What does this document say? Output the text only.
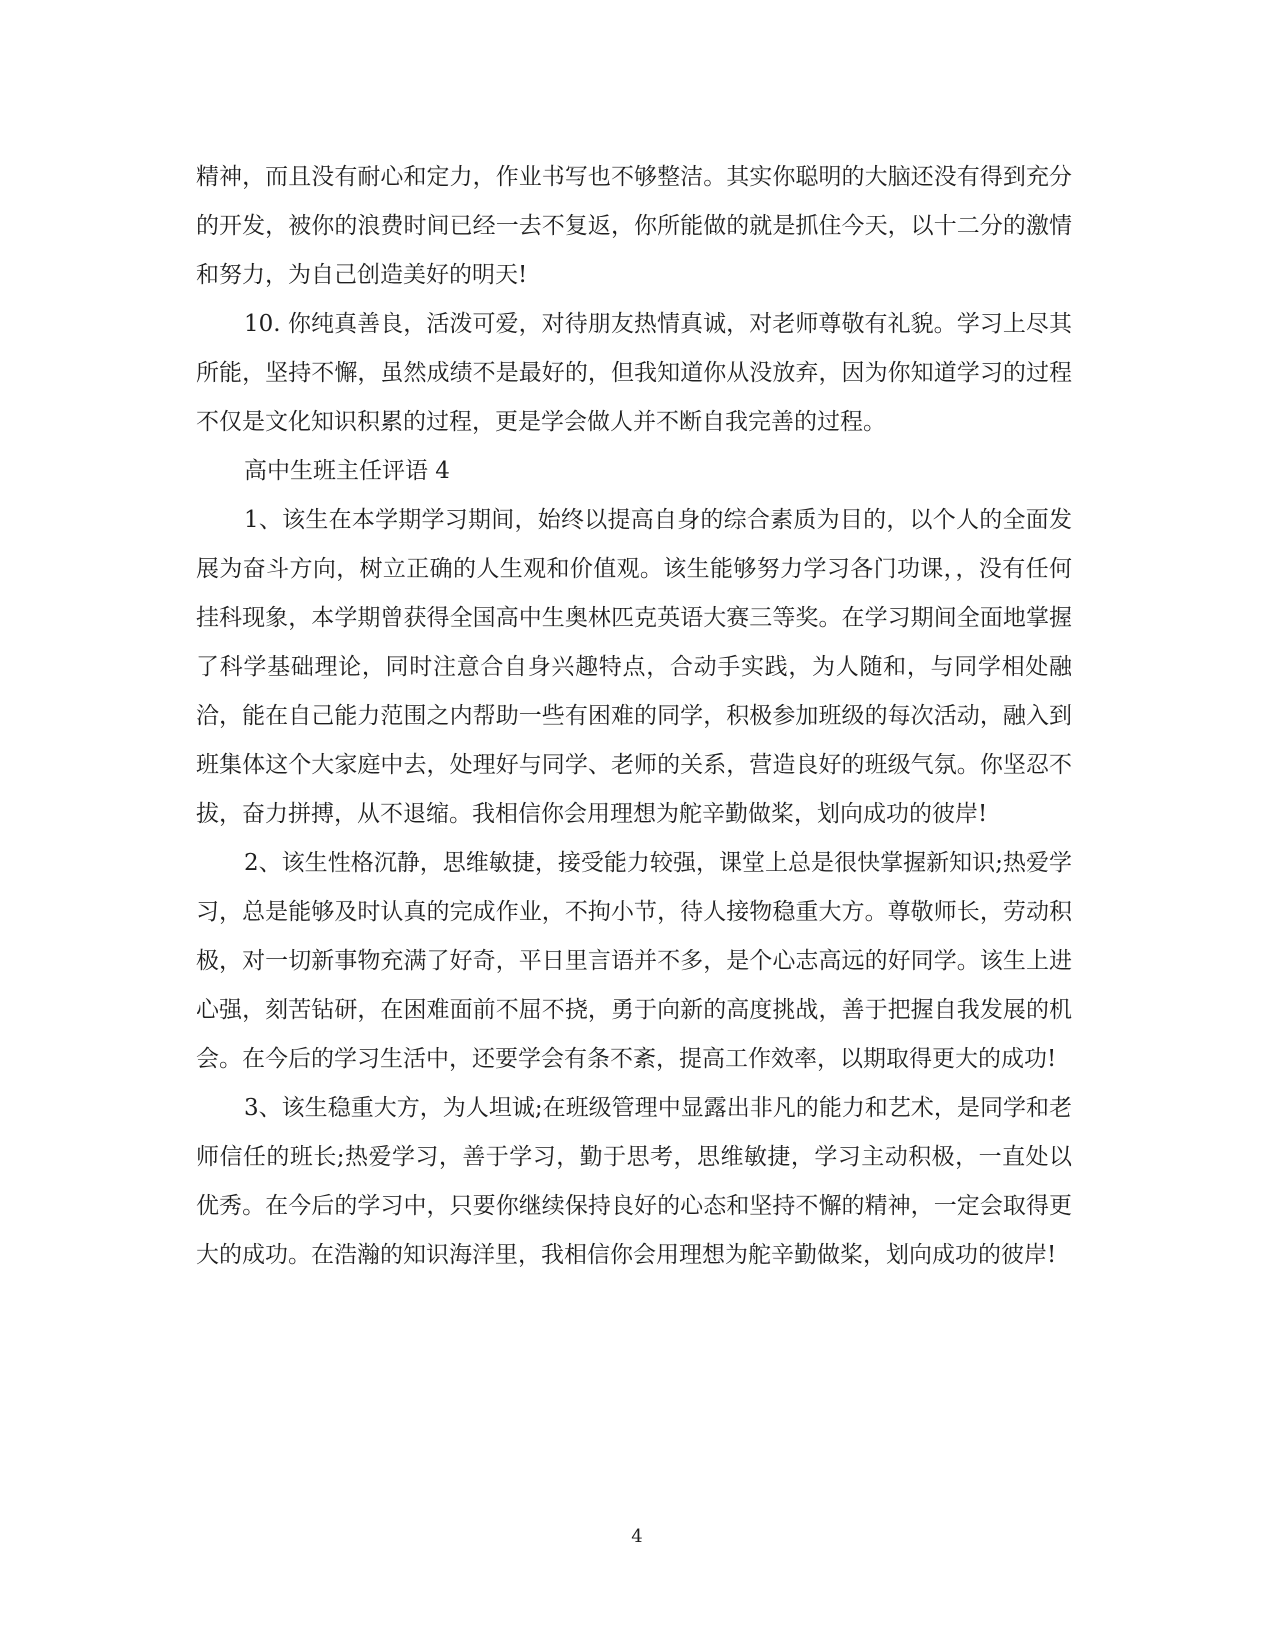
精神，而且没有耐心和定力，作业书写也不够整洁。其实你聪明的大脑还没有得到充分的开发，被你的浪费时间已经一去不复返，你所能做的就是抓住今天，以十二分的激情和努力，为自己创造美好的明天!

10. 你纯真善良，活泼可爱，对待朋友热情真诚，对老师尊敬有礼貌。学习上尽其所能，坚持不懈，虽然成绩不是最好的，但我知道你从没放弃，因为你知道学习的过程不仅是文化知识积累的过程，更是学会做人并不断自我完善的过程。

高中生班主任评语 4

1、该生在本学期学习期间，始终以提高自身的综合素质为目的，以个人的全面发展为奋斗方向，树立正确的人生观和价值观。该生能够努力学习各门功课，，没有任何挂科现象，本学期曾获得全国高中生奥林匹克英语大赛三等奖。在学习期间全面地掌握了科学基础理论，同时注意合自身兴趣特点，合动手实践，为人随和，与同学相处融洽，能在自己能力范围之内帮助一些有困难的同学，积极参加班级的每次活动，融入到班集体这个大家庭中去，处理好与同学、老师的关系，营造良好的班级气氛。你坚忍不拔，奋力拼搏，从不退缩。我相信你会用理想为舵辛勤做桨，划向成功的彼岸!

2、该生性格沉静，思维敏捷，接受能力较强，课堂上总是很快掌握新知识;热爱学习，总是能够及时认真的完成作业，不拘小节，待人接物稳重大方。尊敬师长，劳动积极，对一切新事物充满了好奇，平日里言语并不多，是个心志高远的好同学。该生上进心强，刻苦钻研，在困难面前不屈不挠，勇于向新的高度挑战，善于把握自我发展的机会。在今后的学习生活中，还要学会有条不紊，提高工作效率，以期取得更大的成功!

3、该生稳重大方，为人坦诚;在班级管理中显露出非凡的能力和艺术，是同学和老师信任的班长;热爱学习，善于学习，勤于思考，思维敏捷，学习主动积极，一直处以优秀。在今后的学习中，只要你继续保持良好的心态和坚持不懈的精神，一定会取得更大的成功。在浩瀚的知识海洋里，我相信你会用理想为舵辛勤做桨，划向成功的彼岸!

4
